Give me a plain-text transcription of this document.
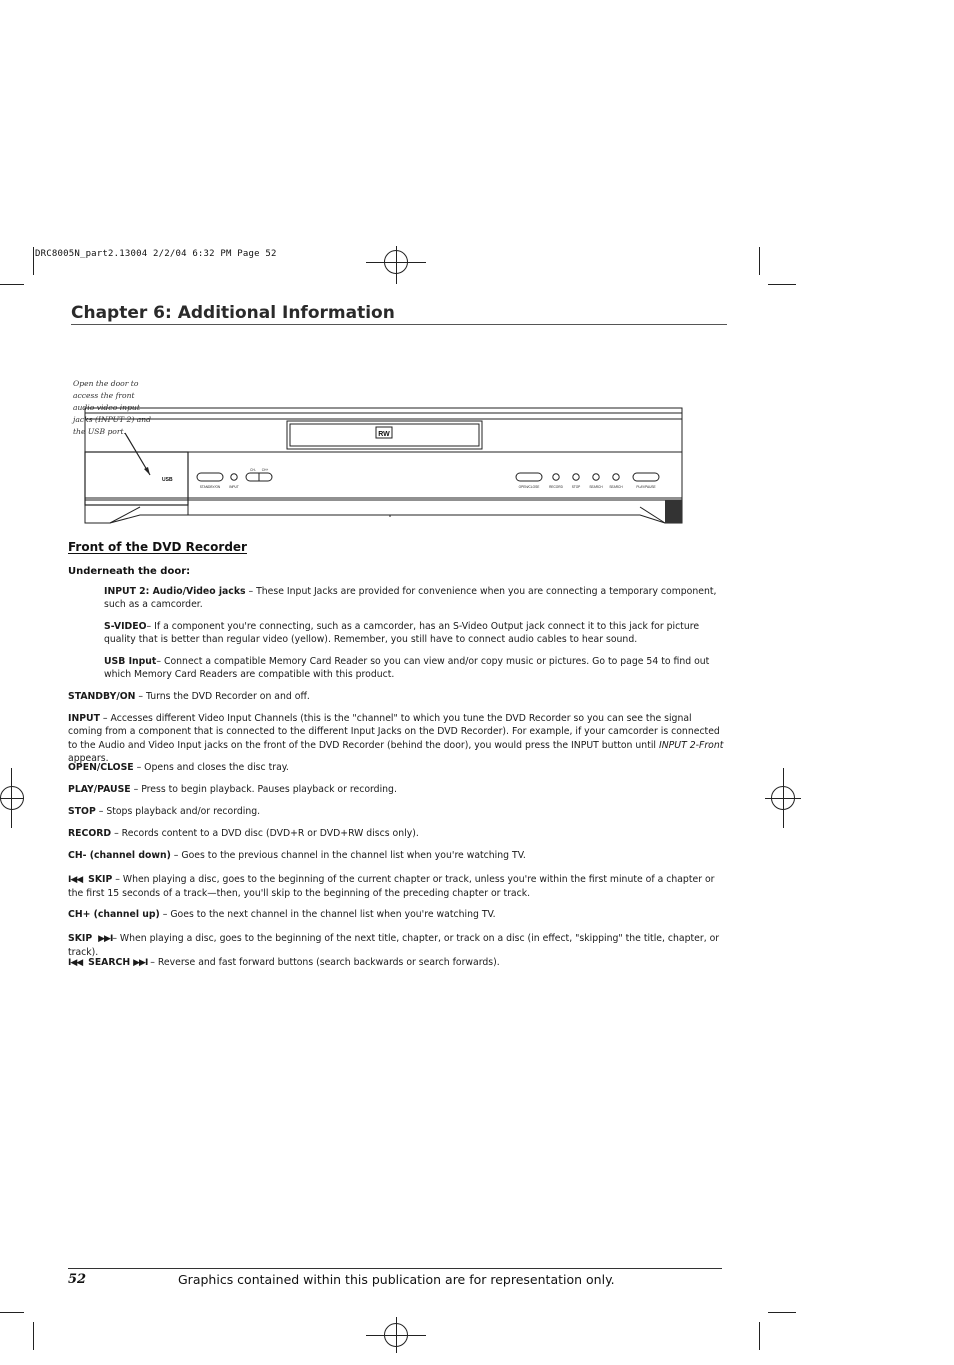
DRC8005N_part2.13004 2/2/04 6:32 PM Page 52
Chapter 6: Additional Information
Open the door to access the front audio video input jacks (INPUT 2) and the USB port.	RW
USB
STANDBY/ON	INPUT
CH- CH+
OPEN/CLOSE	RECORD	STOP	SEARCH SEARCH	PLAY/PAUSE
Front of the DVD Recorder
Underneath the door:
INPUT 2: Audio/Video jacks – These Input Jacks are provided for convenience when you are connecting a temporary component, such as a camcorder.
S-VIDEO– If a component you're connecting, such as a camcorder, has an S-Video Output jack connect it to this jack for picture quality that is better than regular video (yellow). Remember, you still have to connect audio cables to hear sound.
USB Input– Connect a compatible Memory Card Reader so you can view and/or copy music or pictures. Go to page 54 to find out which Memory Card Readers are compatible with this product.
STANDBY/ON – Turns the DVD Recorder on and off.
INPUT – Accesses different Video Input Channels (this is the "channel" to which you tune the DVD Recorder so you can see the signal coming from a component that is connected to the different Input Jacks on the DVD Recorder). For example, if your camcorder is connected to the Audio and Video Input jacks on the front of the DVD Recorder (behind the door), you would press the INPUT button until INPUT 2-Front appears.
OPEN/CLOSE – Opens and closes the disc tray.
PLAY/PAUSE – Press to begin playback. Pauses playback or recording.
STOP – Stops playback and/or recording.
RECORD – Records content to a DVD disc (DVD+R or DVD+RW discs only).
CH- (channel down) – Goes to the previous channel in the channel list when you're watching TV.
I◀◀ SKIP – When playing a disc, goes to the beginning of the current chapter or track, unless you're within the first minute of a chapter or the first 15 seconds of a track—then, you'll skip to the beginning of the preceding chapter or track.
CH+ (channel up) – Goes to the next channel in the channel list when you're watching TV.
SKIP ▶▶I– When playing a disc, goes to the beginning of the next title, chapter, or track on a disc (in effect, "skipping" the title, chapter, or track).
I◀◀ SEARCH ▶▶I – Reverse and fast forward buttons (search backwards or search forwards).
52	Graphics contained within this publication are for representation only.
